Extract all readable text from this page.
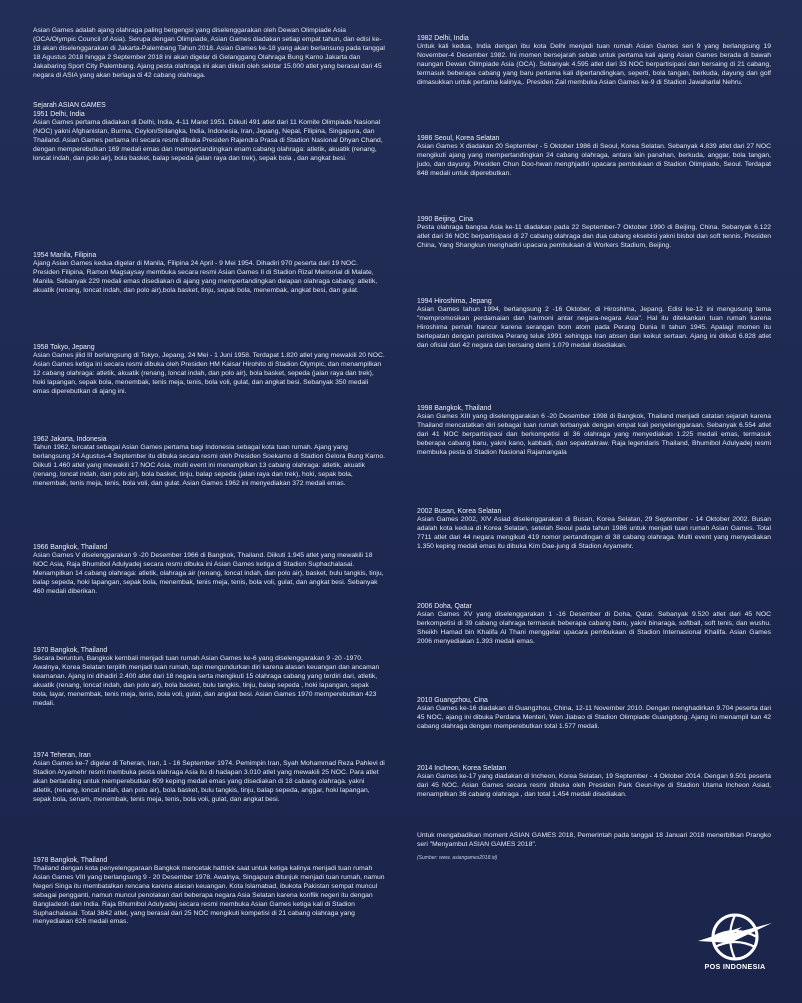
Asian Games adalah ajang olahraga paling bergengsi yang diselenggarakan oleh Dewan Olimpiade Asia (OCA/Olympic Council of Asia). Serupa dengan Olimpiade, Asian Games diadakan setiap empat tahun, dan edisi ke-18 akan diselenggarakan di Jakarta-Palembang Tahun 2018. Asian Games ke-18 yang akan berlansung pada tanggal 18 Agustus 2018 hingga 2 September 2018 ini akan digelar di Gelanggang Olahraga Bung Karno Jakarta dan Jakabaring Sport City Palembang. Ajang pesta olahraga ini akan diikuti oleh sekitar 15.000 atlet yang berasal dari 45 negara di ASIA yang akan berlaga di 42 cabang olahraga.

Sejarah ASIAN GAMES
1951 Delhi, India

Asian Games pertama diadakan di Delhi, India, 4-11 Maret 1951. Diikuti 491 atlet dari 11 Komite Olimpiade Nasional (NOC) yakni Afghanistan, Burma, Ceylon/Srilangka, India, Indonesia, Iran, Jepang, Nepal, Filipina, Singapura, dan Thailand. Asian Games pertama ini secara resmi dibuka Presiden Rajendra Prasa di Stadion Nasional Dhyan Chand, dengan memperebutkan 169 medali emas dan mempertandingkan enam cabang olahraga: atletik, akuatik (renang, loncat indah, dan polo air), bola basket, balap sepeda (jalan raya dan trek), sepak bola , dan angkat besi.

1954 Manila, Filipina

Ajang Asian Games kedua digelar di Manila, Filipina 24 April - 9 Mei 1954. Dihadiri 970 peserta dari 19 NOC. Presiden Filipina, Ramon Magsaysay membuka secara resmi Asian Games II di Stadion Rizal Memorial di Malate, Manila. Sebanyak 229 medali emas disediakan di ajang yang mempertandingkan delapan olahraga cabang: atletik, akuatik (renang, loncat indah, dan polo air),bola basket, tinju, sepak bola, menembak, angkat besi, dan gulat.

1958 Tokyo, Jepang

Asian Games jilid III berlangsung di Tokyo, Jepang, 24 Mei - 1 Juni 1958. Terdapat 1.820 atlet yang mewakili 20 NOC. Asian Games ketiga ini secara resmi dibuka oleh Presiden HM Kaisar Hirohito di Stadion Olympic, dan menampilkan 12 cabang olahraga: atletik, akuatik (renang, loncat indah, dan polo air), bola basket, sepeda (jalan raya dan trek), hoki lapangan, sepak bola, menembak, tenis meja, tenis, bola voli, gulat, dan angkat besi. Sebanyak 350 medali emas diperebutkan di ajang ini.

1962 Jakarta, Indonesia

Tahun 1962, tercatat sebagai Asian Games pertama bagi Indonesia sebagai kota tuan rumah. Ajang yang berlangsung 24 Agustus-4 September itu dibuka secara resmi oleh Presiden Soekarno di Stadion Gelora Bung Karno. Diikuti 1.460 atlet yang mewakili 17 NOC Asia, multi event ini menampilkan 13 cabang olahraga: atletik, akuatik (renang, loncat indah, dan polo air), bola basket, tinju, balap sepeda (jalan raya dan trek), hoki, sepak bola, menembak, tenis meja, tenis, bola voli, dan gulat. Asian Games 1962 ini menyediakan 372 medali emas.

1966 Bangkok, Thailand

Asian Games V diselenggarakan 9 -20 Desember 1966 di Bangkok, Thailand. Diikuti 1.945 atlet yang mewakili 18 NOC Asia, Raja Bhumibol Adulyadej secara resmi dibuka ini Asian Games ketiga di Stadion Suphachalasai. Menampilkan 14 cabang olahraga: atletik, olahraga air (renang, loncat indah, dan polo air), basket, bulu tangkis, tinju, balap sepeda, hoki lapangan, sepak bola, menembak, tenis meja, tenis, bola voli, gulat, dan angkat besi. Sebanyak 460 medali diberikan.

1970 Bangkok, Thailand

Secara beruntun, Bangkok kembali menjadi tuan rumah Asian Games ke-6 yang diselenggarakan 9 -20 -1970. Awalnya, Korea Selatan terpilih menjadi tuan rumah, tapi mengundurkan diri karena alasan keuangan dan ancaman keamanan. Ajang ini dihadiri 2.400 atlet dari 18 negara serta mengikuti 15 olahraga cabang yang terdiri dari, atletik, akuatik (renang, loncat indah, dan polo air), bola basket, bulu tangkis, tinju, balap sepeda , hoki lapangan, sepak bola, layar, menembak, tenis meja, tenis, bola voli, gulat, dan angkat besi. Asian Games 1970 memperebutkan 423 medali.

1974 Teheran, Iran

Asian Games ke-7 digelar di Teheran, Iran, 1 - 16 September 1974. Pemimpin Iran, Syah Mohammad Reza Pahlevi di Stadion Aryamehr resmi membuka pesta olahraga Asia itu di hadapan 3.010 atlet yang mewakili 25 NOC. Para atlet akan bertanding untuk memperebutkan 609 keping medali emas yang disediakan di 18 cabang olahraga. yakni atletik, (renang, loncat indah, dan polo air), bola basket, bulu tangkis, tinju, balap sepeda, anggar, hoki lapangan, sepak bola, senam, menembak, tenis meja, tenis, bola voli, gulat, dan angkat besi.

1978 Bangkok, Thailand

Thailand dengan kota penyelenggaraan Bangkok mencetak hattrick saat untuk ketiga kalinya menjadi tuan rumah Asian Games VIII yang berlangsung 9 - 20 Desember 1978. Awalnya, Singapura ditunjuk menjadi tuan rumah, namun Negeri Singa itu membatalkan rencana karena alasan keuangan. Kota Islamabad, ibukota Pakistan sempat muncul sebagai pengganti, namun muncul penolakan dari beberapa negara Asia Selatan karena konflik negeri itu dengan Bangladesh dan India. Raja Bhumibol Adulyadej secara resmi membuka Asian Games ketiga kali di Stadion Suphachalasai. Total 3842 atlet, yang berasal dari 25 NOC mengikuti kompetisi di 21 cabang olahraga yang menyediakan 626 medali emas.

1982 Delhi, India

Untuk kali kedua, India dengan ibu kota Delhi menjadi tuan rumah Asian Games seri 9 yang berlangsung 19 November-4 Desember 1982. Ini momen bersejarah sebab untuk pertama kali ajang Asian Games berada di bawah naungan Dewan Olimpiade Asia (OCA). Sebanyak 4.595 atlet dari 33 NOC berpartisipasi dan bersaing di 21 cabang, termasuk beberapa cabang yang baru pertama kali dipertandingkan, seperti, bola tangan, berkuda, dayung dan golf dimasukkan untuk pertama kalinya,. Presiden Zail membuka Asian Games ke-9 di Stadion Jawaharlal Nehru.

1986 Seoul, Korea Selatan

Asian Games X diadakan 20 September - 5 Oktober 1986 di Seoul, Korea Selatan. Sebanyak 4.839 atlet dari 27 NOC mengikuti ajang yang mempertandingkan 24 cabang olahraga, antara lain panahan, berkuda, anggar, bola tangan, judo, dan dayung. Presiden Chun Doo-hwan menghjadiri upacara pembukaan di Stadion Olimpiade, Seoul. Terdapat 848 medali untuk diperebutkan.

1990 Beijing, Cina

Pesta olahraga bangsa Asia ke-11 diadakan pada 22 September-7 Oktober 1990 di Beijing, China. Sebanyak 6.122 atlet dari 36 NOC berpartisipasi di 27 cabang olahraga dan dua cabang eksebisi yakni bisbol dan soft tennis. Presiden China, Yang Shangkun menghadiri upacara pembukaan di Workers Stadium, Beijing.

1994 Hiroshima, Jepang

Asian Games tahun 1994, berlangsung 2 -16 Oktober, di Hiroshima, Jepang. Edisi ke-12 ini mengusung tema "mempromosikan perdamaian dan harmoni antar negara-negara Asia". Hal itu ditekankan tuan rumah karena Hiroshima pernah hancur karena serangan bom atom pada Perang Dunia II tahun 1945. Apalagi momen itu bertepatan dengan peristiwa Perang teluk 1991 sehingga Iran absen dari keikut sertaan. Ajang ini diikuti 6.828 atlet dan ofisial dari 42 negara dan bersaing demi 1.079 medali disediakan.

1998 Bangkok, Thailand

Asian Games XIII yang diselenggarakan 6 -20 Desember 1998 di Bangkok, Thailand menjadi catatan sejarah karena Thailand mencatatkan diri sebagai tuan rumah terbanyak dengan empat kali penyelenggaraan. Sebanyak 6.554 atlet dari 41 NOC berpartisipasi dan berkompetisi di 36 olahraga yang menyediakan 1.225 medali emas, termasuk beberapa cabang baru, yakni kano, kabbadi, dan sepaktakraw. Raja legendaris Thailand, Bhumibol Adulyadej resmi membuka pesta di Stadion Nasional Rajamangala

2002 Busan, Korea Selatan

Asian Games 2002, XIV Asiad diselenggarakan di Busan, Korea Selatan, 29 September - 14 Oktober 2002. Busan adalah kota kedua di Korea Selatan, setelah Seoul pada tahun 1986 untuk menjadi tuan rumah Asian Games. Total 7711 atlet dari 44 negara mengikuti 419 nomor pertandingan di 38 cabang olahraga. Multi event yang menyediakan 1.350 keping medali emas itu dibuka Kim Dae-jung di Stadion Aryamehr.

2006 Doha, Qatar

Asian Games XV yang diselenggarakan 1 -16 Desember di Doha, Qatar. Sebanyak 9.520 atlet dari 45 NOC berkompetisi di 39 cabang olahraga termasuk beberapa cabang baru, yakni binaraga, softball, soft tenis, dan wushu. Sheikh Hamad bin Khalifa Al Thani menggelar upacara pembukaan di Stadion Internasional Khalifa. Asian Games 2006 menyediakan 1.393 medali emas.

2010 Guangzhou, Cina

Asian Games ke-16 diadakan di Guangzhou, China, 12-11 November 2010. Dengan menghadirkan 9.704 peserta dari 45 NOC, ajang ini dibuka Perdana Menteri, Wen Jiabao di Stadion Olimpiade Guangdong. Ajang ini menampil kan 42 cabang olahraga dengan memperebutkan total 1.577 medali.

2014 Incheon, Korea Selatan

Asian Games ke-17 yang diadakan di Incheon, Korea Selatan, 19 September - 4 Oktober 2014. Dengan 9.501 peserta dari 45 NOC. Asian Games secara resmi dibuka oleh Presiden Park Geun-hye di Stadion Utama Incheon Asiad, menampilkan 36 cabang olahraga , dan total 1.454 medali disediakan.

Untuk mengabadikan moment ASIAN GAMES 2018, Pemerintah pada tanggal 18 Januari 2018 menerbitkan Prangko seri "Menyambut ASIAN GAMES 2018".

(Sumber: www. asiangames2018.id)

POS INDONESIA
